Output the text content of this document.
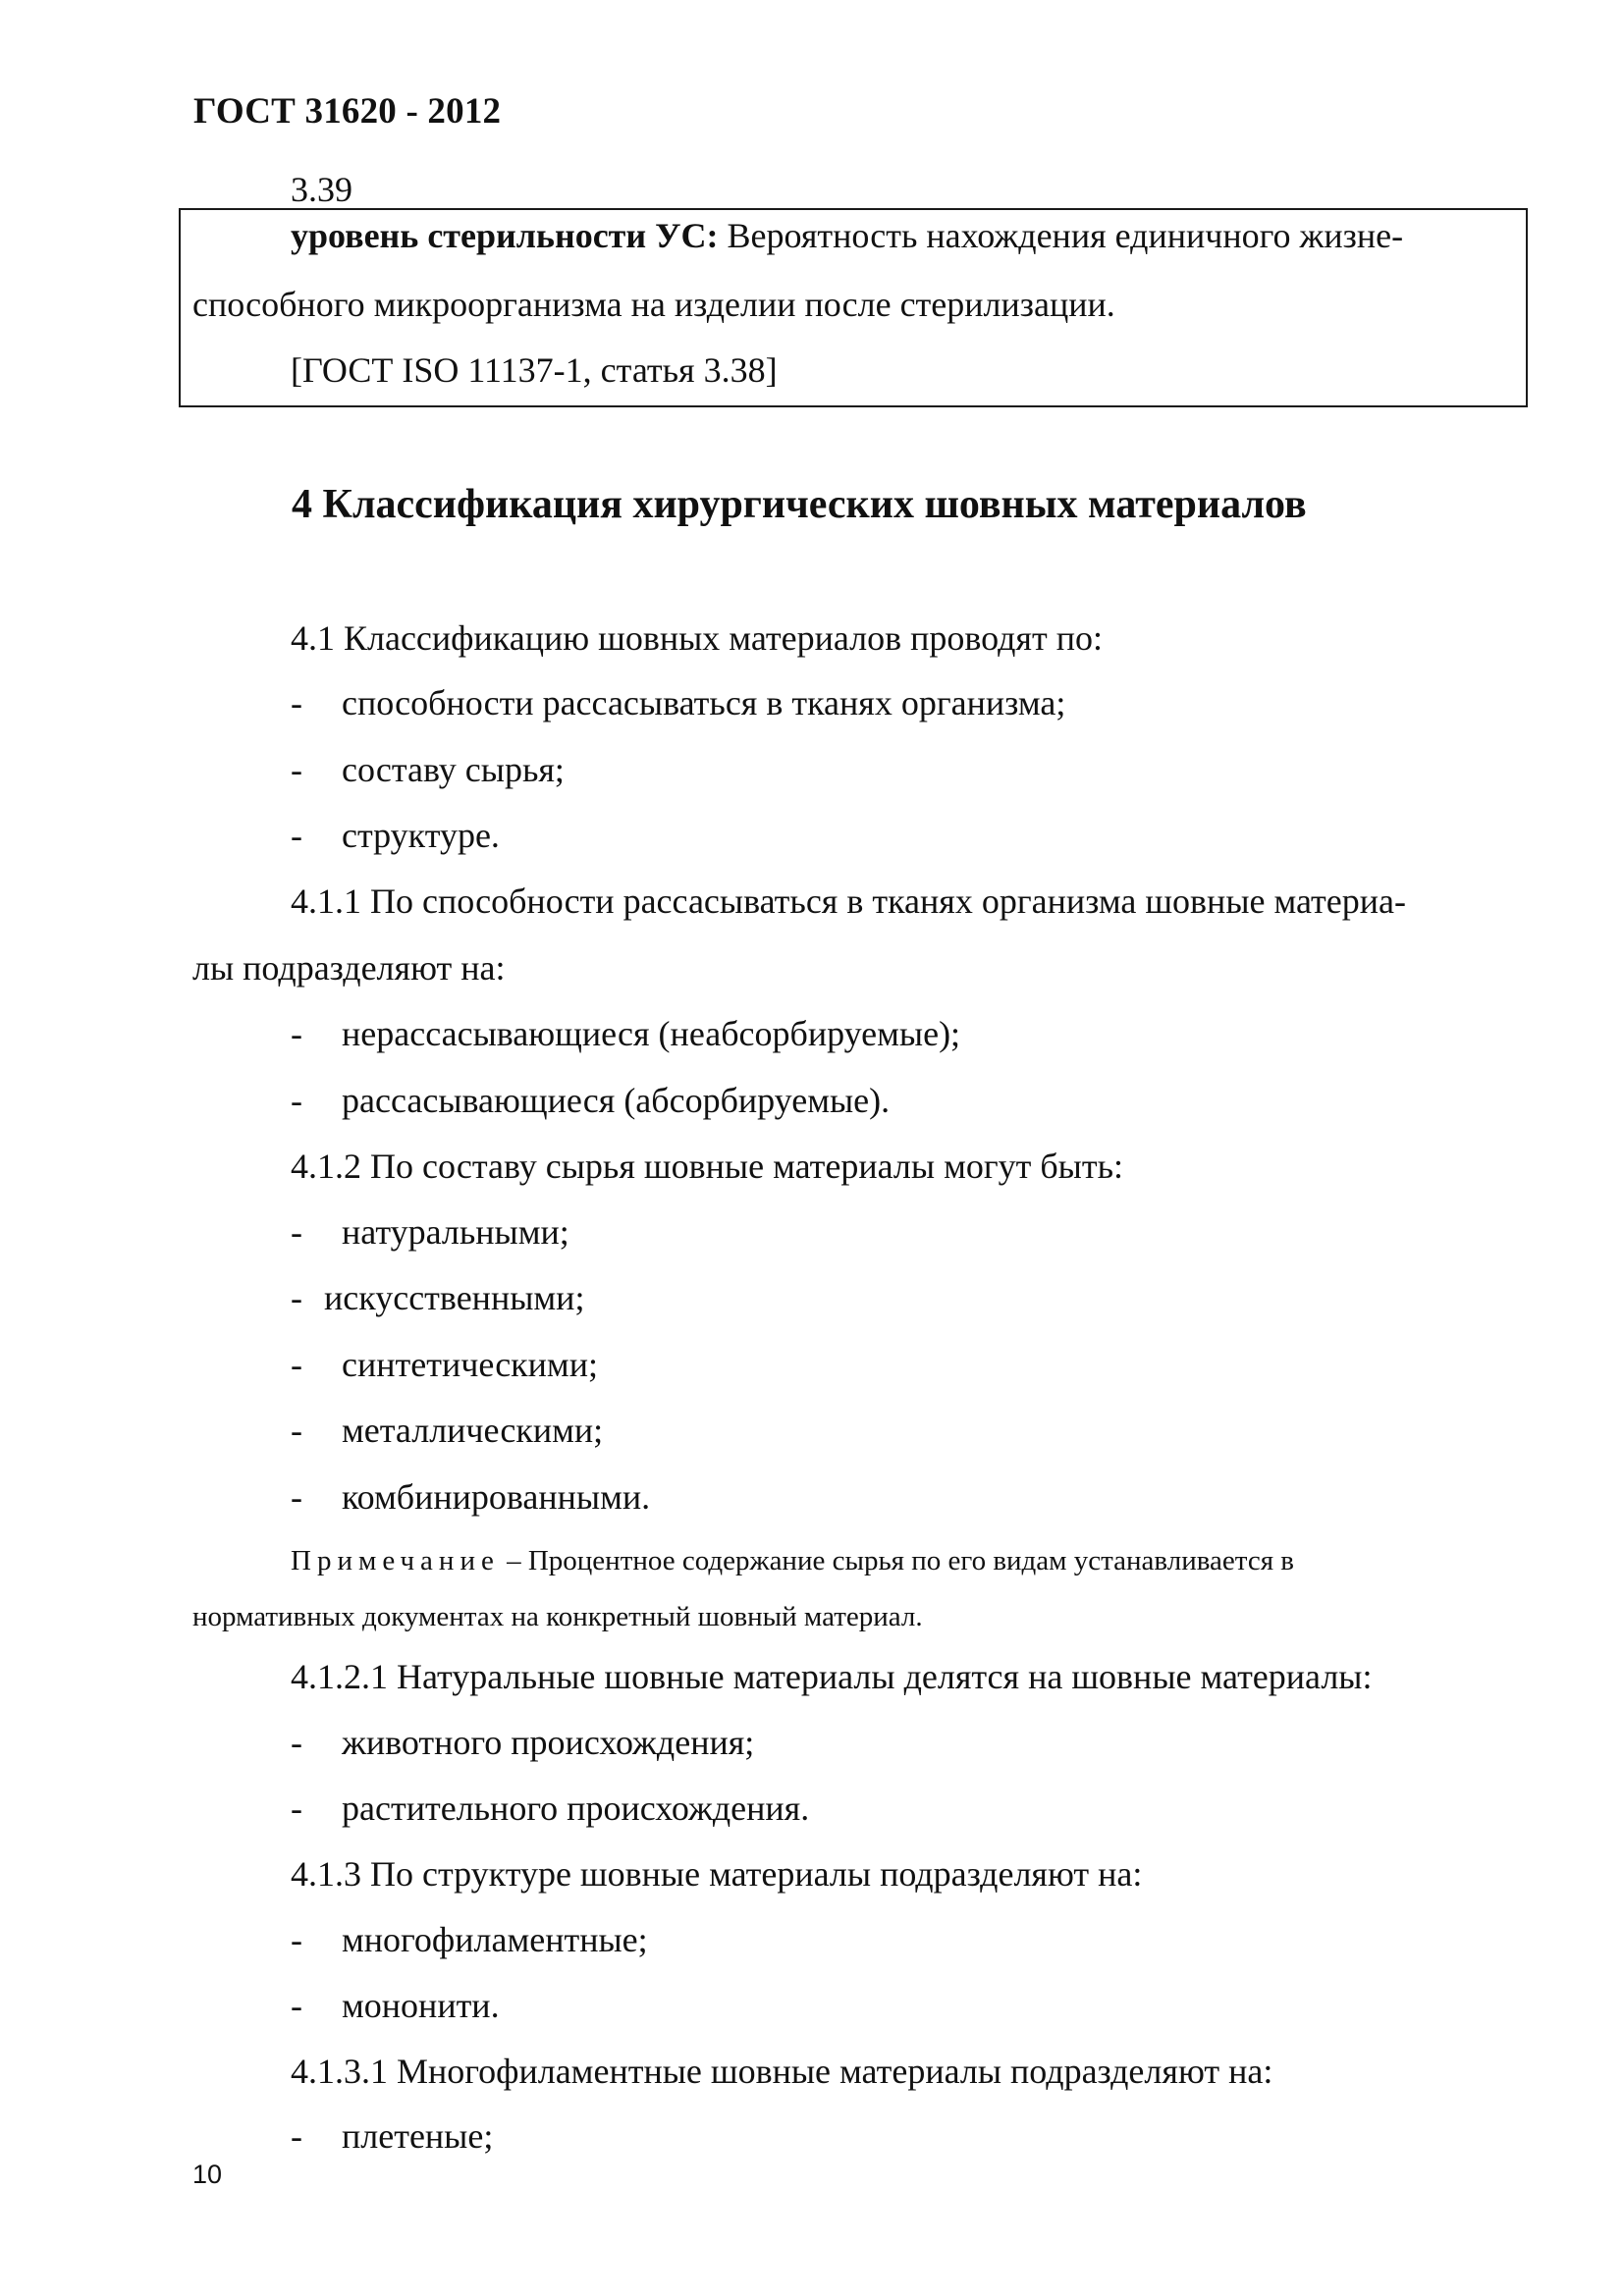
ГОСТ 31620 - 2012
3.39
уровень стерильности УС: Вероятность нахождения единичного жизне-
способного микроорганизма на изделии после стерилизации.
[ГОСТ ISO 11137-1, статья 3.38]
4 Классификация хирургических шовных материалов
4.1 Классификацию шовных материалов проводят по:
- способности рассасываться в тканях организма;
- составу сырья;
- структуре.
4.1.1 По способности рассасываться в тканях организма шовные материа-
лы подразделяют на:
- нерассасывающиеся (неабсорбируемые);
- рассасывающиеся (абсорбируемые).
4.1.2 По составу сырья шовные материалы могут быть:
- натуральными;
- искусственными;
- синтетическими;
- металлическими;
- комбинированными.
Примечание – Процентное содержание сырья по его видам устанавливается в
нормативных документах на конкретный шовный материал.
4.1.2.1 Натуральные шовные материалы делятся на шовные материалы:
- животного происхождения;
- растительного происхождения.
4.1.3 По структуре шовные материалы подразделяют на:
- многофиламентные;
- мононити.
4.1.3.1 Многофиламентные шовные материалы подразделяют на:
- плетеные;
10
